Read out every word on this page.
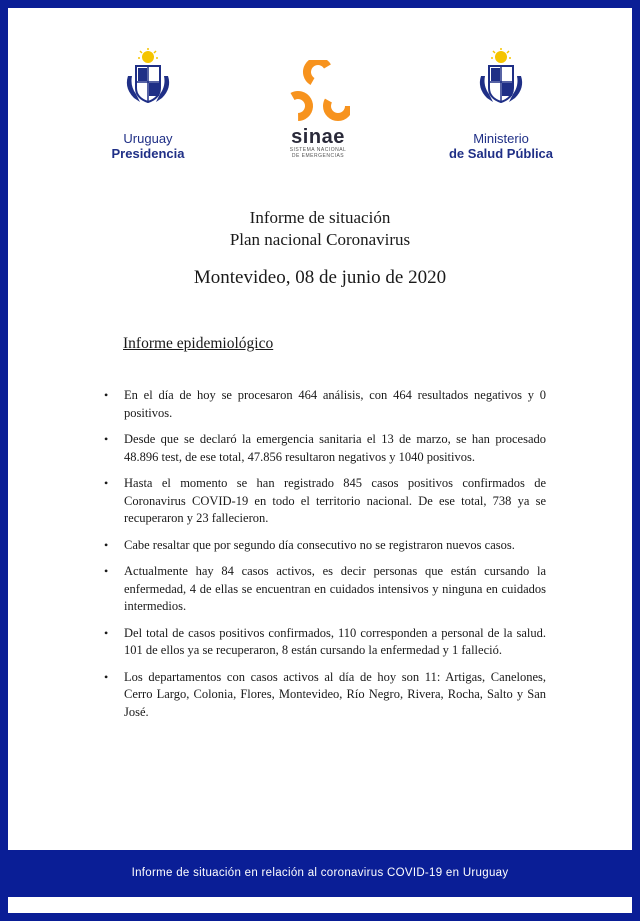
Uruguay
Presidencia
sinae
SISTEMA NACIONAL
DE EMERGENCIAS
Ministerio
de Salud Pública
Informe de situación
Plan nacional Coronavirus
Montevideo, 08 de junio de 2020
Informe epidemiológico
• En el día de hoy se procesaron 464 análisis, con 464 resultados negativos y 0 positivos.
• Desde que se declaró la emergencia sanitaria el 13 de marzo, se han procesado 48.896 test, de ese total, 47.856 resultaron negativos y 1040 positivos.
• Hasta el momento se han registrado 845 casos positivos confirmados de Coronavirus COVID-19 en todo el territorio nacional. De ese total, 738 ya se recuperaron y 23 fallecieron.
• Cabe resaltar que por segundo día consecutivo no se registraron nuevos casos.
• Actualmente hay 84 casos activos, es decir personas que están cursando la enfermedad, 4 de ellas se encuentran en cuidados intensivos y ninguna en cuidados intermedios.
• Del total de casos positivos confirmados, 110 corresponden a personal de la salud. 101 de ellos ya se recuperaron, 8 están cursando la enfermedad y 1 falleció.
• Los departamentos con casos activos al día de hoy son 11: Artigas, Canelones, Cerro Largo, Colonia, Flores, Montevideo, Río Negro, Rivera, Rocha, Salto y San José.
Informe de situación en relación al coronavirus COVID-19 en Uruguay
